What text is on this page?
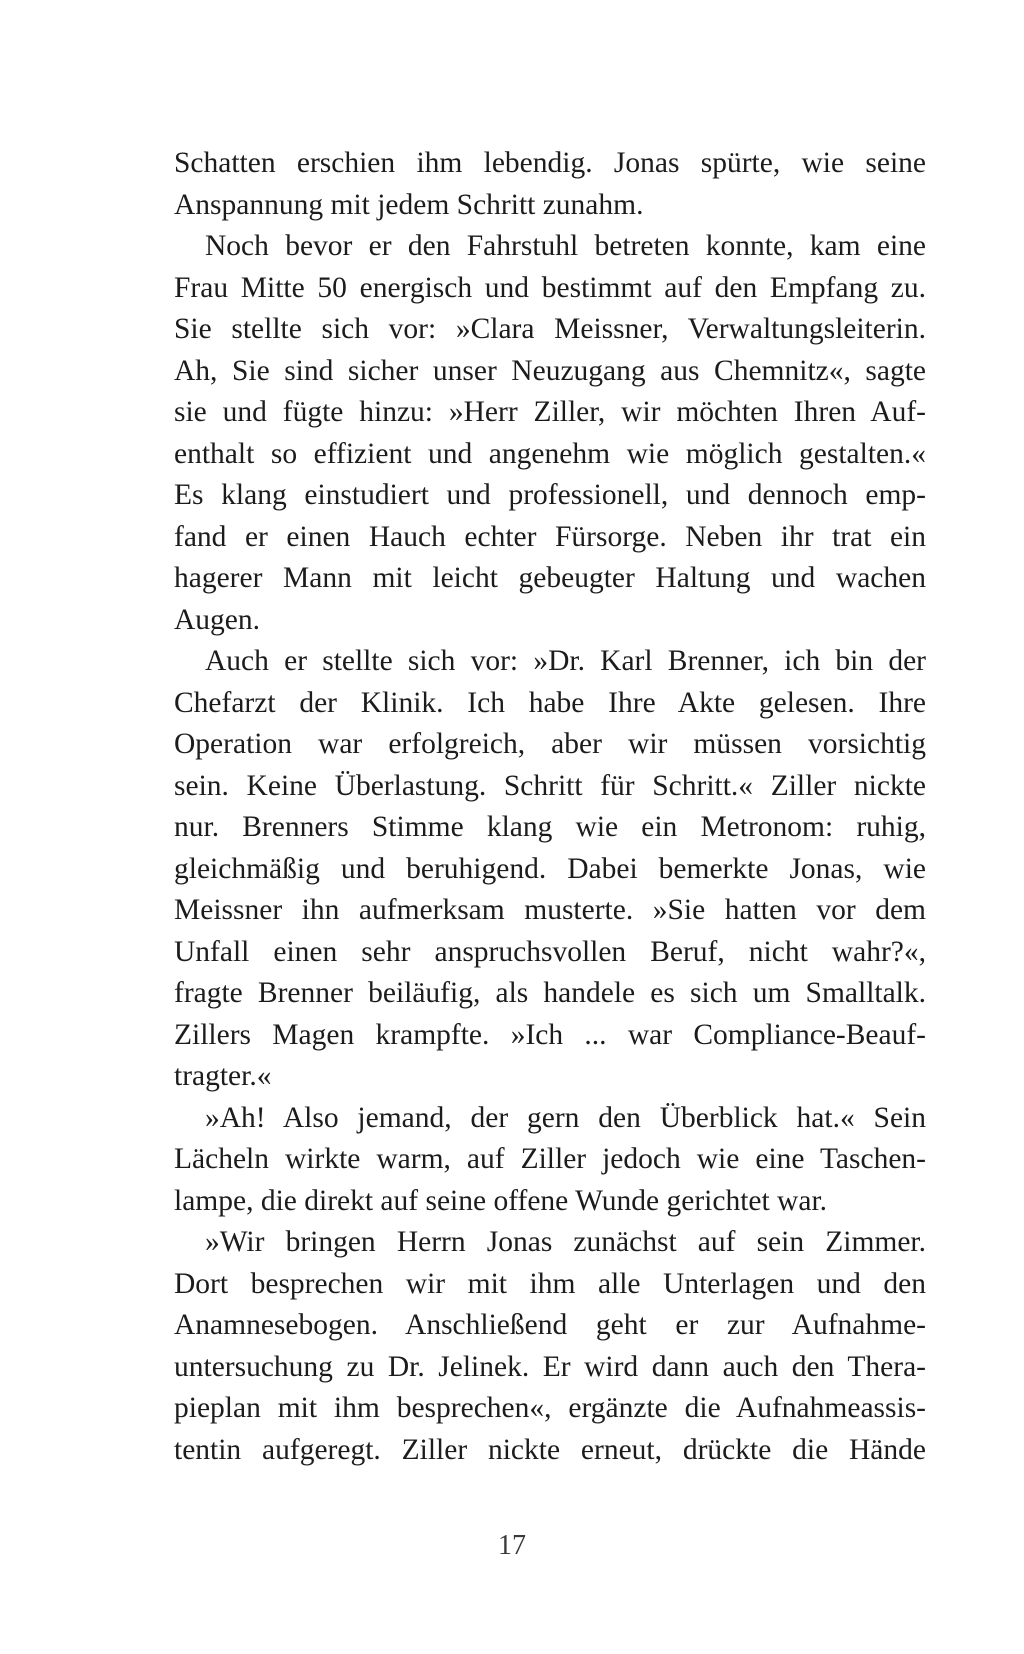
Schatten erschien ihm lebendig. Jonas spürte, wie seine
Anspannung mit jedem Schritt zunahm.
Noch bevor er den Fahrstuhl betreten konnte, kam eine
Frau Mitte 50 energisch und bestimmt auf den Empfang zu.
Sie stellte sich vor: »Clara Meissner, Verwaltungsleiterin.
Ah, Sie sind sicher unser Neuzugang aus Chemnitz«, sagte
sie und fügte hinzu: »Herr Ziller, wir möchten Ihren Auf-
enthalt so effizient und angenehm wie möglich gestalten.«
Es klang einstudiert und professionell, und dennoch emp-
fand er einen Hauch echter Fürsorge. Neben ihr trat ein
hagerer Mann mit leicht gebeugter Haltung und wachen
Augen.
Auch er stellte sich vor: »Dr. Karl Brenner, ich bin der
Chefarzt der Klinik. Ich habe Ihre Akte gelesen. Ihre
Operation war erfolgreich, aber wir müssen vorsichtig
sein. Keine Überlastung. Schritt für Schritt.« Ziller nickte
nur. Brenners Stimme klang wie ein Metronom: ruhig,
gleichmäßig und beruhigend. Dabei bemerkte Jonas, wie
Meissner ihn aufmerksam musterte. »Sie hatten vor dem
Unfall einen sehr anspruchsvollen Beruf, nicht wahr?«,
fragte Brenner beiläufig, als handele es sich um Smalltalk.
Zillers Magen krampfte. »Ich ... war Compliance-Beauf-
tragter.«
»Ah! Also jemand, der gern den Überblick hat.« Sein
Lächeln wirkte warm, auf Ziller jedoch wie eine Taschen-
lampe, die direkt auf seine offene Wunde gerichtet war.
»Wir bringen Herrn Jonas zunächst auf sein Zimmer.
Dort besprechen wir mit ihm alle Unterlagen und den
Anamnesebogen. Anschließend geht er zur Aufnahme-
untersuchung zu Dr. Jelinek. Er wird dann auch den Thera-
pieplan mit ihm besprechen«, ergänzte die Aufnahmeassis-
tentin aufgeregt. Ziller nickte erneut, drückte die Hände
17
